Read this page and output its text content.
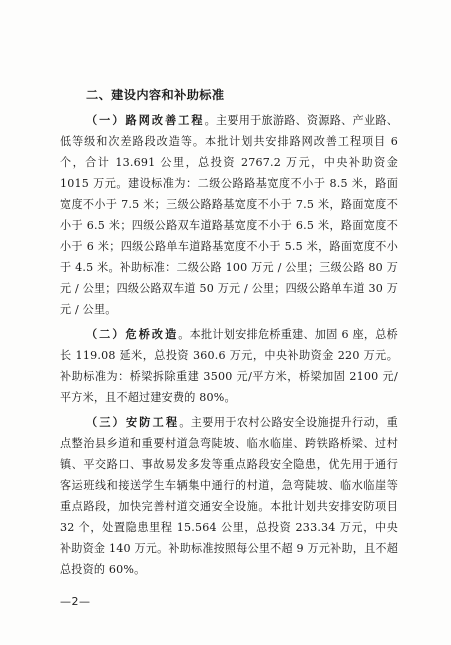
二、建设内容和补助标准

（一）路网改善工程。主要用于旅游路、资源路、产业路、低等级和次差路段改造等。本批计划共安排路网改善工程项目 6 个，合计 13.691 公里，总投资 2767.2 万元，中央补助资金 1015 万元。建设标准为：二级公路路基宽度不小于 8.5 米，路面宽度不小于 7.5 米；三级公路路基宽度不小于 7.5 米，路面宽度不小于 6.5 米；四级公路双车道路基宽度不小于 6.5 米，路面宽度不小于 6 米；四级公路单车道路基宽度不小于 5.5 米，路面宽度不小于 4.5 米。补助标准：二级公路 100 万元 / 公里；三级公路 80 万元 / 公里；四级公路双车道 50 万元 / 公里；四级公路单车道 30 万元 / 公里。

（二）危桥改造。本批计划安排危桥重建、加固 6 座，总桥长 119.08 延米，总投资 360.6 万元，中央补助资金 220 万元。补助标准为：桥梁拆除重建 3500 元/平方米，桥梁加固 2100 元/平方米，且不超过建安费的 80%。

（三）安防工程。主要用于农村公路安全设施提升行动，重点整治县乡道和重要村道急弯陡坡、临水临崖、跨铁路桥梁、过村镇、平交路口、事故易发多发等重点路段安全隐患，优先用于通行客运班线和接送学生车辆集中通行的村道，急弯陡坡、临水临崖等重点路段，加快完善村道交通安全设施。本批计划共安排安防项目 32 个，处置隐患里程 15.564 公里，总投资 233.34 万元，中央补助资金 140 万元。补助标准按照每公里不超 9 万元补助，且不超总投资的 60%。

—2—
